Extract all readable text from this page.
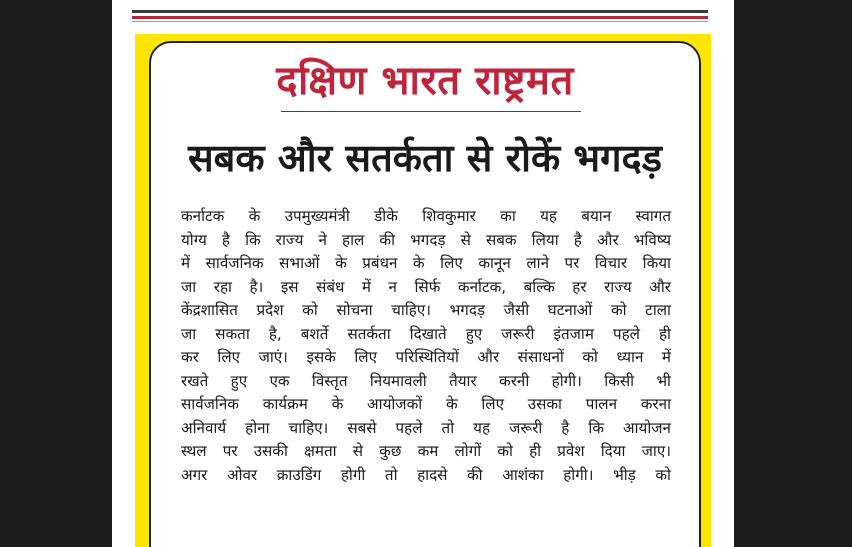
दक्षिण भारत राष्ट्रमत
सबक और सतर्कता से रोकें भगदड़
कर्नाटक के उपमुख्यमंत्री डीके शिवकुमार का यह बयान स्वागत
योग्य है कि राज्य ने हाल की भगदड़ से सबक लिया है और भविष्य
में सार्वजनिक सभाओं के प्रबंधन के लिए कानून लाने पर विचार किया
जा रहा है। इस संबंध में न सिर्फ कर्नाटक, बल्कि हर राज्य और
केंद्रशासित प्रदेश को सोचना चाहिए। भगदड़ जैसी घटनाओं को टाला
जा सकता है, बशर्ते सतर्कता दिखाते हुए जरूरी इंतजाम पहले ही
कर लिए जाएं। इसके लिए परिस्थितियों और संसाधनों को ध्यान में
रखते हुए एक विस्तृत नियमावली तैयार करनी होगी। किसी भी
सार्वजनिक कार्यक्रम के आयोजकों के लिए उसका पालन करना
अनिवार्य होना चाहिए। सबसे पहले तो यह जरूरी है कि आयोजन
स्थल पर उसकी क्षमता से कुछ कम लोगों को ही प्रवेश दिया जाए।
अगर ओवर क्राउडिंग होगी तो हादसे की आशंका होगी। भीड़ को
